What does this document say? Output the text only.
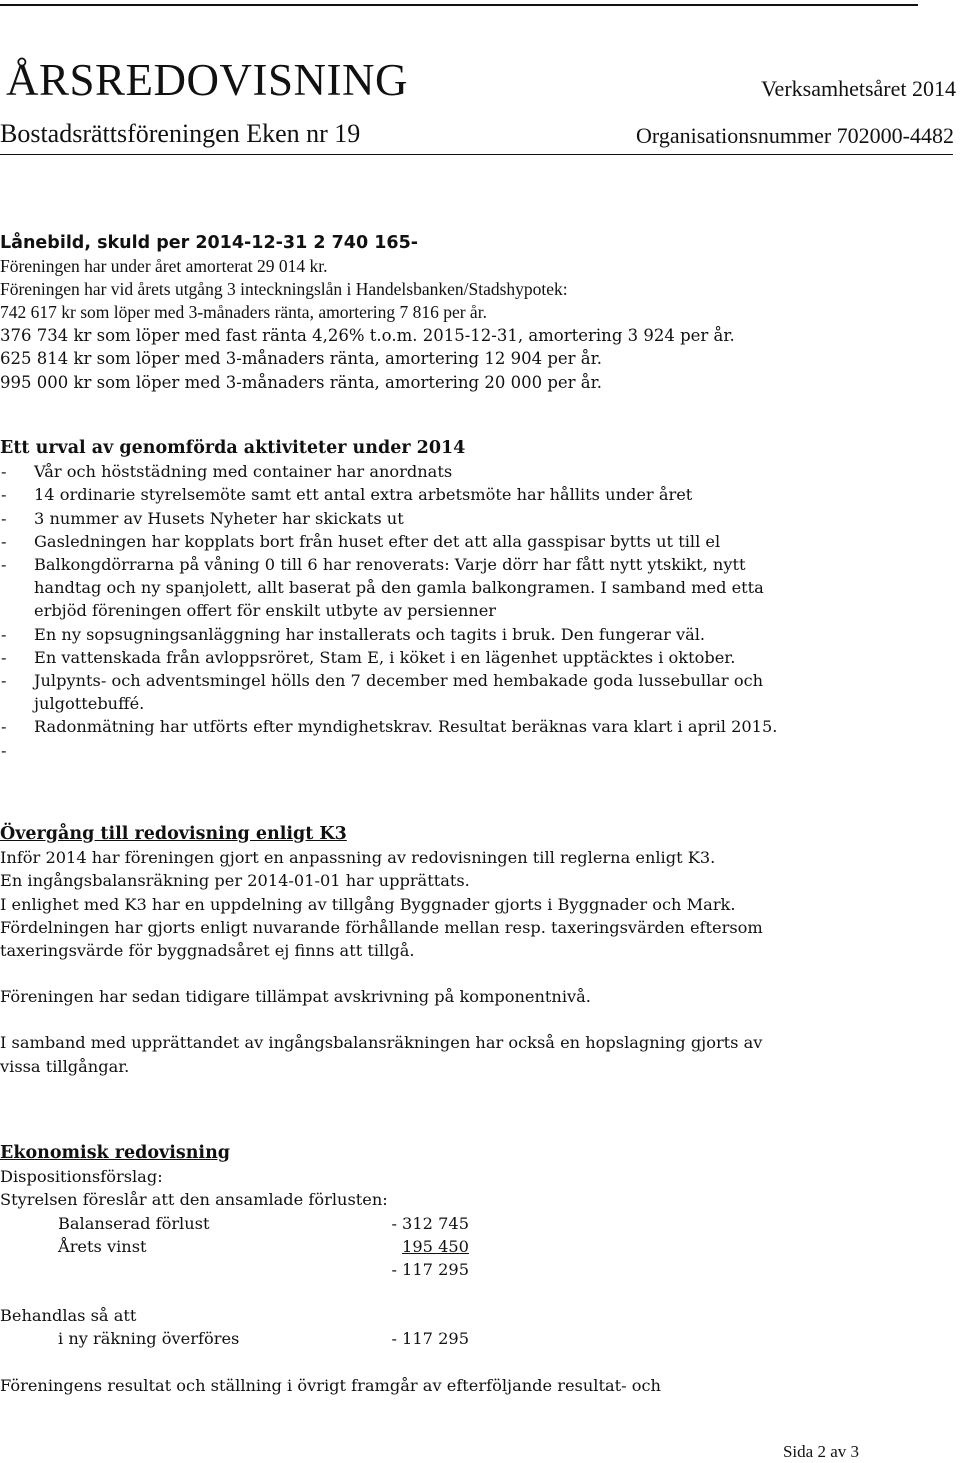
ÅRSREDOVISNING	Verksamhetsåret 2014
Bostadsrättsföreningen Eken nr 19	Organisationsnummer 702000-4482
Lånebild, skuld per 2014-12-31 2 740 165-
Föreningen har under året amorterat 29 014 kr.
Föreningen har vid årets utgång 3 inteckningslån i Handelsbanken/Stadshypotek:
742 617 kr som löper med 3-månaders ränta, amortering 7 816 per år.
376 734 kr som löper med fast ränta 4,26% t.o.m. 2015-12-31, amortering 3 924 per år.
625 814 kr som löper med 3-månaders ränta, amortering 12 904 per år.
995 000 kr som löper med 3-månaders ränta, amortering 20 000 per år.
Ett urval av genomförda aktiviteter under 2014
-	Vår och höststädning med container har anordnats
-	14 ordinarie styrelsemöte samt ett antal extra arbetsmöte har hållits under året
-	3 nummer av Husets Nyheter har skickats ut
-	Gasledningen har kopplats bort från huset efter det att alla gasspisar bytts ut till el
-	Balkongdörrarna på våning 0 till 6 har renoverats: Varje dörr har fått nytt ytskikt, nytt
handtag och ny spanjolett, allt baserat på den gamla balkongramen. I samband med etta
erbjöd föreningen offert för enskilt utbyte av persienner
-	En ny sopsugningsanläggning har installerats och tagits i bruk. Den fungerar väl.
-	En vattenskada från avloppsröret, Stam E, i köket i en lägenhet upptäcktes i oktober.
-	Julpynts- och adventsmingel hölls den 7 december med hembakade goda lussebullar och
julgottebuffé.
-	Radonmätning har utförts efter myndighetskrav. Resultat beräknas vara klart i april 2015.
-
Övergång till redovisning enligt K3
Inför 2014 har föreningen gjort en anpassning av redovisningen till reglerna enligt K3.
En ingångsbalansräkning per 2014-01-01 har upprättats.
I enlighet med K3 har en uppdelning av tillgång Byggnader gjorts i Byggnader och Mark.
Fördelningen har gjorts enligt nuvarande förhållande mellan resp. taxeringsvärden eftersom
taxeringsvärde för byggnadsåret ej finns att tillgå.
Föreningen har sedan tidigare tillämpat avskrivning på komponentnivå.
I samband med upprättandet av ingångsbalansräkningen har också en hopslagning gjorts av
vissa tillgångar.
Ekonomisk redovisning
Dispositionsförslag:
Styrelsen föreslår att den ansamlade förlusten:
Balanserad förlust	- 312 745
Årets vinst	195 450
- 117 295
Behandlas så att
i ny räkning överföres	- 117 295
Föreningens resultat och ställning i övrigt framgår av efterföljande resultat- och
Sida 2 av 3
